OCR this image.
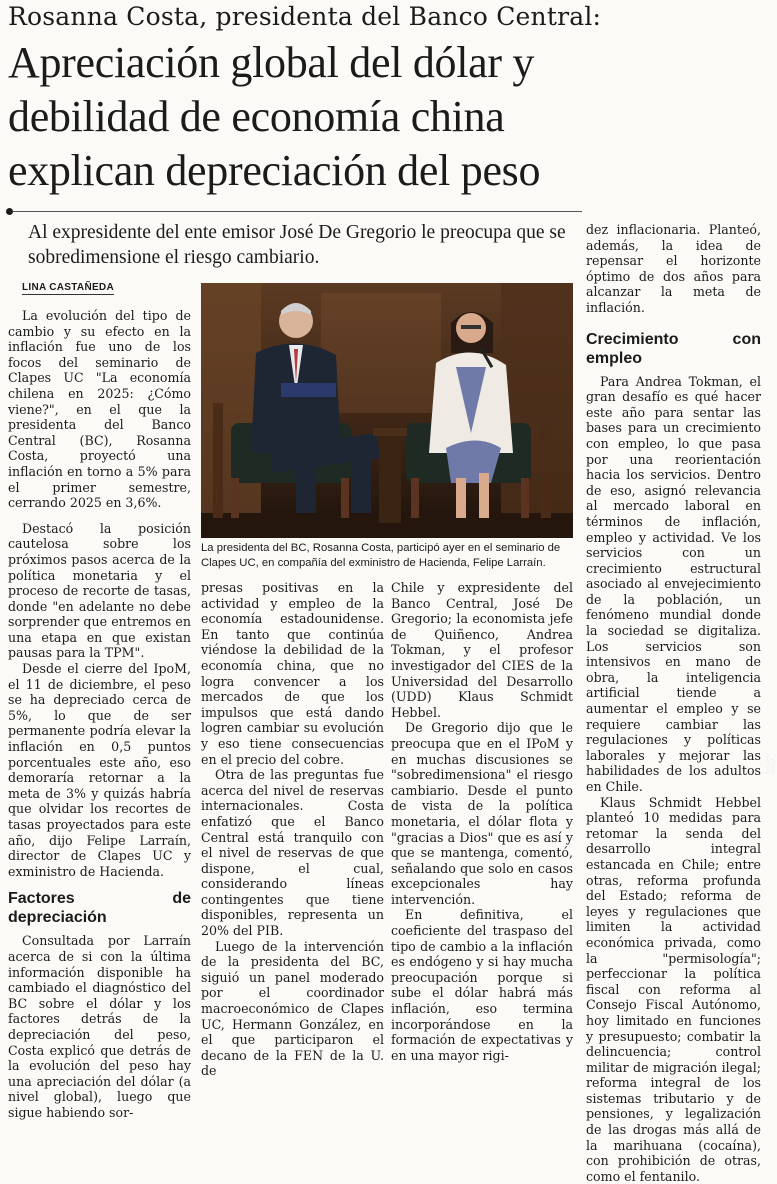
Rosanna Costa, presidenta del Banco Central:
Apreciación global del dólar y
debilidad de economía china
explican depreciación del peso
Al expresidente del ente emisor José De Gregorio le preocupa que se sobredimensione el riesgo cambiario.
LINA CASTAÑEDA
FELIPE BAEZ
La presidenta del BC, Rosanna Costa, participó ayer en el seminario de Clapes UC, en compañía del exministro de Hacienda, Felipe Larraín.

La evolución del tipo de cambio y su efecto en la inflación fue uno de los focos del seminario de Clapes UC "La economía chilena en 2025: ¿Cómo viene?", en el que la presidenta del Banco Central (BC), Rosanna Costa, proyectó una inflación en torno a 5% para el primer semestre, cerrando 2025 en 3,6%.

Destacó la posición cautelosa sobre los próximos pasos acerca de la política monetaria y el proceso de recorte de tasas, donde "en adelante no debe sorprender que entremos en una etapa en que existan pausas para la TPM".

Desde el cierre del IpoM, el 11 de diciembre, el peso se ha depreciado cerca de 5%, lo que de ser permanente podría elevar la inflación en 0,5 puntos porcentuales este año, eso demoraría retornar a la meta de 3% y quizás habría que olvidar los recortes de tasas proyectados para este año, dijo Felipe Larraín, director de Clapes UC y exministro de Hacienda.

Factores de depreciación

Consultada por Larraín acerca de si con la última información disponible ha cambiado el diagnóstico del BC sobre el dólar y los factores detrás de la depreciación del peso, Costa explicó que detrás de la evolución del peso hay una apreciación del dólar (a nivel global), luego que sigue habiendo sor-

presas positivas en la actividad y empleo de la economía estadounidense. En tanto que continúa viéndose la debilidad de la economía china, que no logra convencer a los mercados de que los impulsos que está dando logren cambiar su evolución y eso tiene consecuencias en el precio del cobre.

Otra de las preguntas fue acerca del nivel de reservas internacionales. Costa enfatizó que el Banco Central está tranquilo con el nivel de reservas de que dispone, el cual, considerando líneas contingentes que tiene disponibles, representa un 20% del PIB.

Luego de la intervención de la presidenta del BC, siguió un panel moderado por el coordinador macroeconómico de Clapes UC, Hermann González, en el que participaron el decano de la FEN de la U. de

Chile y expresidente del Banco Central, José De Gregorio; la economista jefe de Quiñenco, Andrea Tokman, y el profesor investigador del CIES de la Universidad del Desarrollo (UDD) Klaus Schmidt Hebbel.

De Gregorio dijo que le preocupa que en el IPoM y en muchas discusiones se "sobredimensiona" el riesgo cambiario. Desde el punto de vista de la política monetaria, el dólar flota y "gracias a Dios" que es así y que se mantenga, comentó, señalando que solo en casos excepcionales hay intervención.

En definitiva, el coeficiente del traspaso del tipo de cambio a la inflación es endógeno y si hay mucha preocupación porque si sube el dólar habrá más inflación, eso termina incorporándose en la formación de expectativas y en una mayor rigi-

dez inflacionaria. Planteó, además, la idea de repensar el horizonte óptimo de dos años para alcanzar la meta de inflación.

Crecimiento con empleo

Para Andrea Tokman, el gran desafío es qué hacer este año para sentar las bases para un crecimiento con empleo, lo que pasa por una reorientación hacia los servicios. Dentro de eso, asignó relevancia al mercado laboral en términos de inflación, empleo y actividad. Ve los servicios con un crecimiento estructural asociado al envejecimiento de la población, un fenómeno mundial donde la sociedad se digitaliza. Los servicios son intensivos en mano de obra, la inteligencia artificial tiende a aumentar el empleo y se requiere cambiar las regulaciones y políticas laborales y mejorar las habilidades de los adultos en Chile.

Klaus Schmidt Hebbel planteó 10 medidas para retomar la senda del desarrollo integral estancada en Chile; entre otras, reforma profunda del Estado; reforma de leyes y regulaciones que limiten la actividad económica privada, como la "permisología"; perfeccionar la política fiscal con reforma al Consejo Fiscal Autónomo, hoy limitado en funciones y presupuesto; combatir la delincuencia; control militar de migración ilegal; reforma integral de los sistemas tributario y de pensiones, y legalización de las drogas más allá de la marihuana (cocaína), con prohibición de otras, como el fentanilo.
